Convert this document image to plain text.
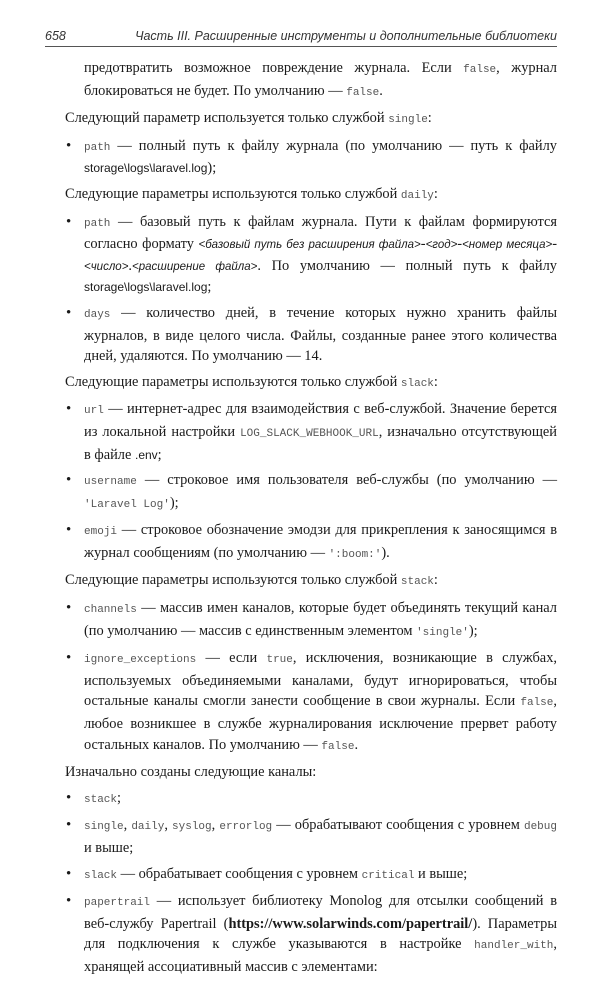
658	Часть III. Расширенные инструменты и дополнительные библиотеки

предотвратить возможное повреждение журнала. Если false, журнал блокироваться не будет. По умолчанию — false.

Следующий параметр используется только службой single:

• path — полный путь к файлу журнала (по умолчанию — путь к файлу storage\logs\laravel.log);

Следующие параметры используются только службой daily:

• path — базовый путь к файлам журнала. Пути к файлам формируются согласно формату <базовый путь без расширения файла>-<год>-<номер месяца>-<число>.<расширение файла>. По умолчанию — полный путь к файлу storage\logs\laravel.log;
• days — количество дней, в течение которых нужно хранить файлы журналов, в виде целого числа. Файлы, созданные ранее этого количества дней, удаляются. По умолчанию — 14.

Следующие параметры используются только службой slack:

• url — интернет-адрес для взаимодействия с веб-службой. Значение берется из локальной настройки LOG_SLACK_WEBHOOK_URL, изначально отсутствующей в файле .env;
• username — строковое имя пользователя веб-службы (по умолчанию — 'Laravel Log');
• emoji — строковое обозначение эмодзи для прикрепления к заносящимся в журнал сообщениям (по умолчанию — ':boom:').

Следующие параметры используются только службой stack:

• channels — массив имен каналов, которые будет объединять текущий канал (по умолчанию — массив с единственным элементом 'single');
• ignore_exceptions — если true, исключения, возникающие в службах, используемых объединяемыми каналами, будут игнорироваться, чтобы остальные каналы смогли занести сообщение в свои журналы. Если false, любое возникшее в службе журналирования исключение прервет работу остальных каналов. По умолчанию — false.

Изначально созданы следующие каналы:

• stack;
• single, daily, syslog, errorlog — обрабатывают сообщения с уровнем debug и выше;
• slack — обрабатывает сообщения с уровнем critical и выше;
• papertrail — использует библиотеку Monolog для отсылки сообщений в веб-службу Papertrail (https://www.solarwinds.com/papertrail/). Параметры для подключения к службе указываются в настройке handler_with, хранящей ассоциативный массив с элементами:
